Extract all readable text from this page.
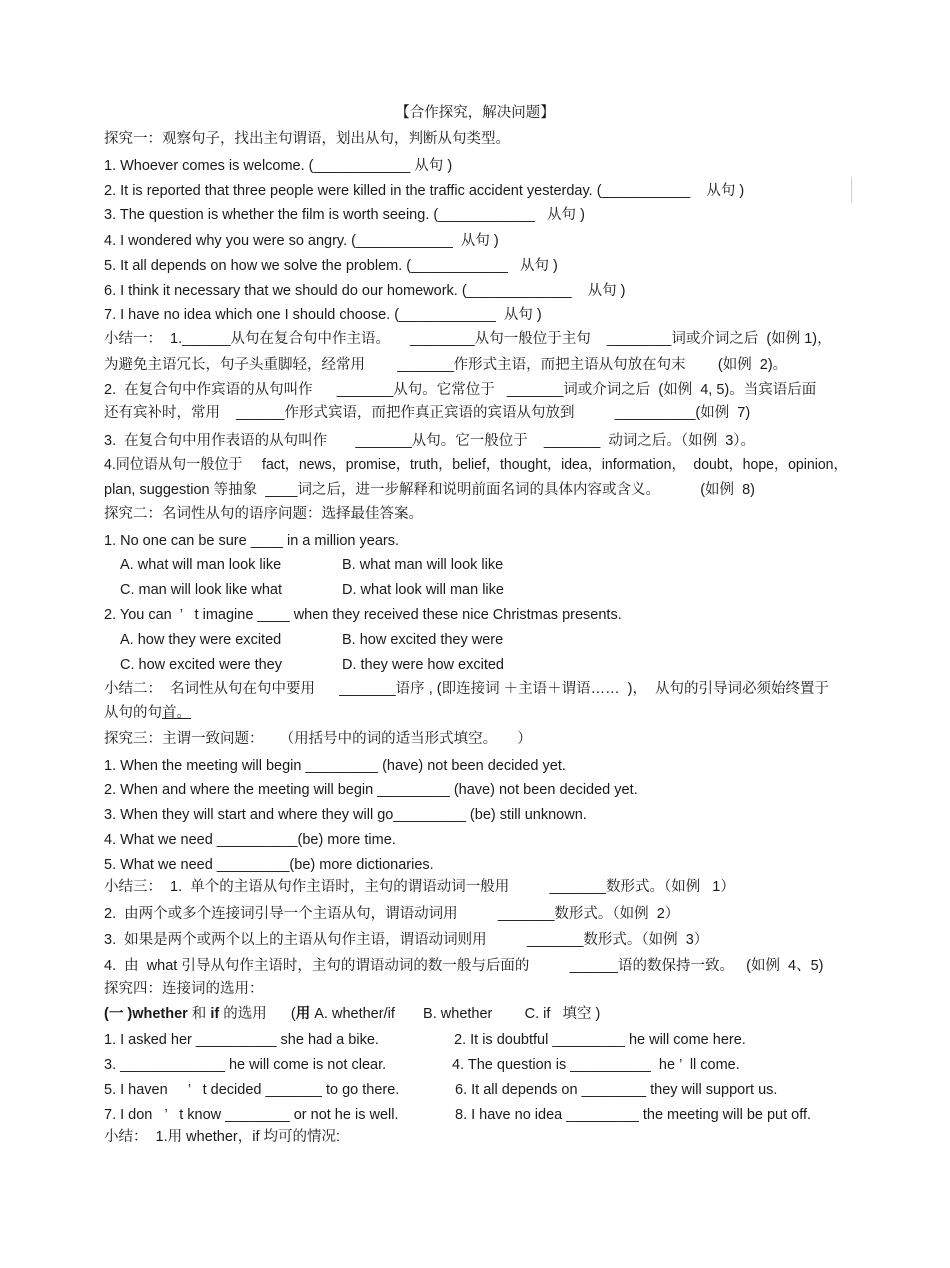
【合作探究，解决问题】
探究一：观察句子，找出主句谓语，划出从句，判断从句类型。
1. Whoever comes is welcome. (____________ 从句 )
2. It is reported that three people were killed in the traffic accident yesterday. (___________    从句 )
3. The question is whether the film is worth seeing. (____________   从句 )
4. I wondered why you were so angry. (____________  从句 )
5. It all depends on how we solve the problem. (____________   从句 )
6. I think it necessary that we should do our homework. (_____________    从句 )
7. I have no idea which one I should choose. (____________  从句 )
小结一：  1.______从句在复合句中作主语。     ________从句一般位于主句    ________词或介词之后  (如例 1)，
为避免主语冗长，句子头重脚轻，经常用        _______作形式主语，而把主语从句放在句末        (如例  2)。
2.  在复合句中作宾语的从句叫作      _______从句。它常位于   _______词或介词之后  (如例  4, 5)。当宾语后面
还有宾补时，常用    ______作形式宾语，而把作真正宾语的宾语从句放到          __________(如例  7)
3.  在复合句中用作表语的从句叫作       _______从句。它一般位于    _______  动词之后。（如例  3）。
4.同位语从句一般位于     fact，news，promise，truth，belief，thought，idea，information，  doubt，hope，opinion，
plan, suggestion 等抽象  ____词之后，进一步解释和说明前面名词的具体内容或含义。          (如例  8)
探究二：名词性从句的语序问题：选择最佳答案。
1. No one can be sure ____ in a million years.
A. what will man look like	B. what man will look like
C. man will look like what	D. what look will man like
2. You can  ’   t imagine ____ when they received these nice Christmas presents.
A. how they were excited	B. how excited they were
C. how excited were they	D. they were how excited
小结二：  名词性从句在句中要用      _______语序 , (即连接词 ＋主语＋谓语……  )，  从句的引导词必须始终置于
从句的句首。
探究三：主谓一致问题：    （用括号中的词的适当形式填空。     ）
1. When the meeting will begin _________ (have) not been decided yet.
2. When and where the meeting will begin _________ (have) not been decided yet.
3. When they will start and where they will go_________ (be) still unknown.
4. What we need __________(be) more time.
5. What we need _________(be) more dictionaries.
小结三：  1.  单个的主语从句作主语时，主句的谓语动词一般用          _______数形式。（如例   1）
2.  由两个或多个连接词引导一个主语从句，谓语动词用          _______数形式。（如例  2）
3.  如果是两个或两个以上的主语从句作主语，谓语动词则用          _______数形式。（如例  3）
4.  由  what 引导从句作主语时，主句的谓语动词的数一般与后面的          ______语的数保持一致。   (如例  4、5)
探究四：连接词的选用：
(一 )whether 和 if 的选用      (用 A. whether/if       B. whether        C. if   填空 )
1. I asked her __________ she had a bike.	2. It is doubtful _________ he will come here.
3. _____________ he will come is not clear.	4. The question is __________  he ’  ll come.
5. I haven     ’   t decided _______ to go there.	6. It all depends on ________ they will support us.
7. I don   ’   t know ________ or not he is well.	8. I have no idea _________ the meeting will be put off.
小结：  1.用 whether，if 均可的情况:
